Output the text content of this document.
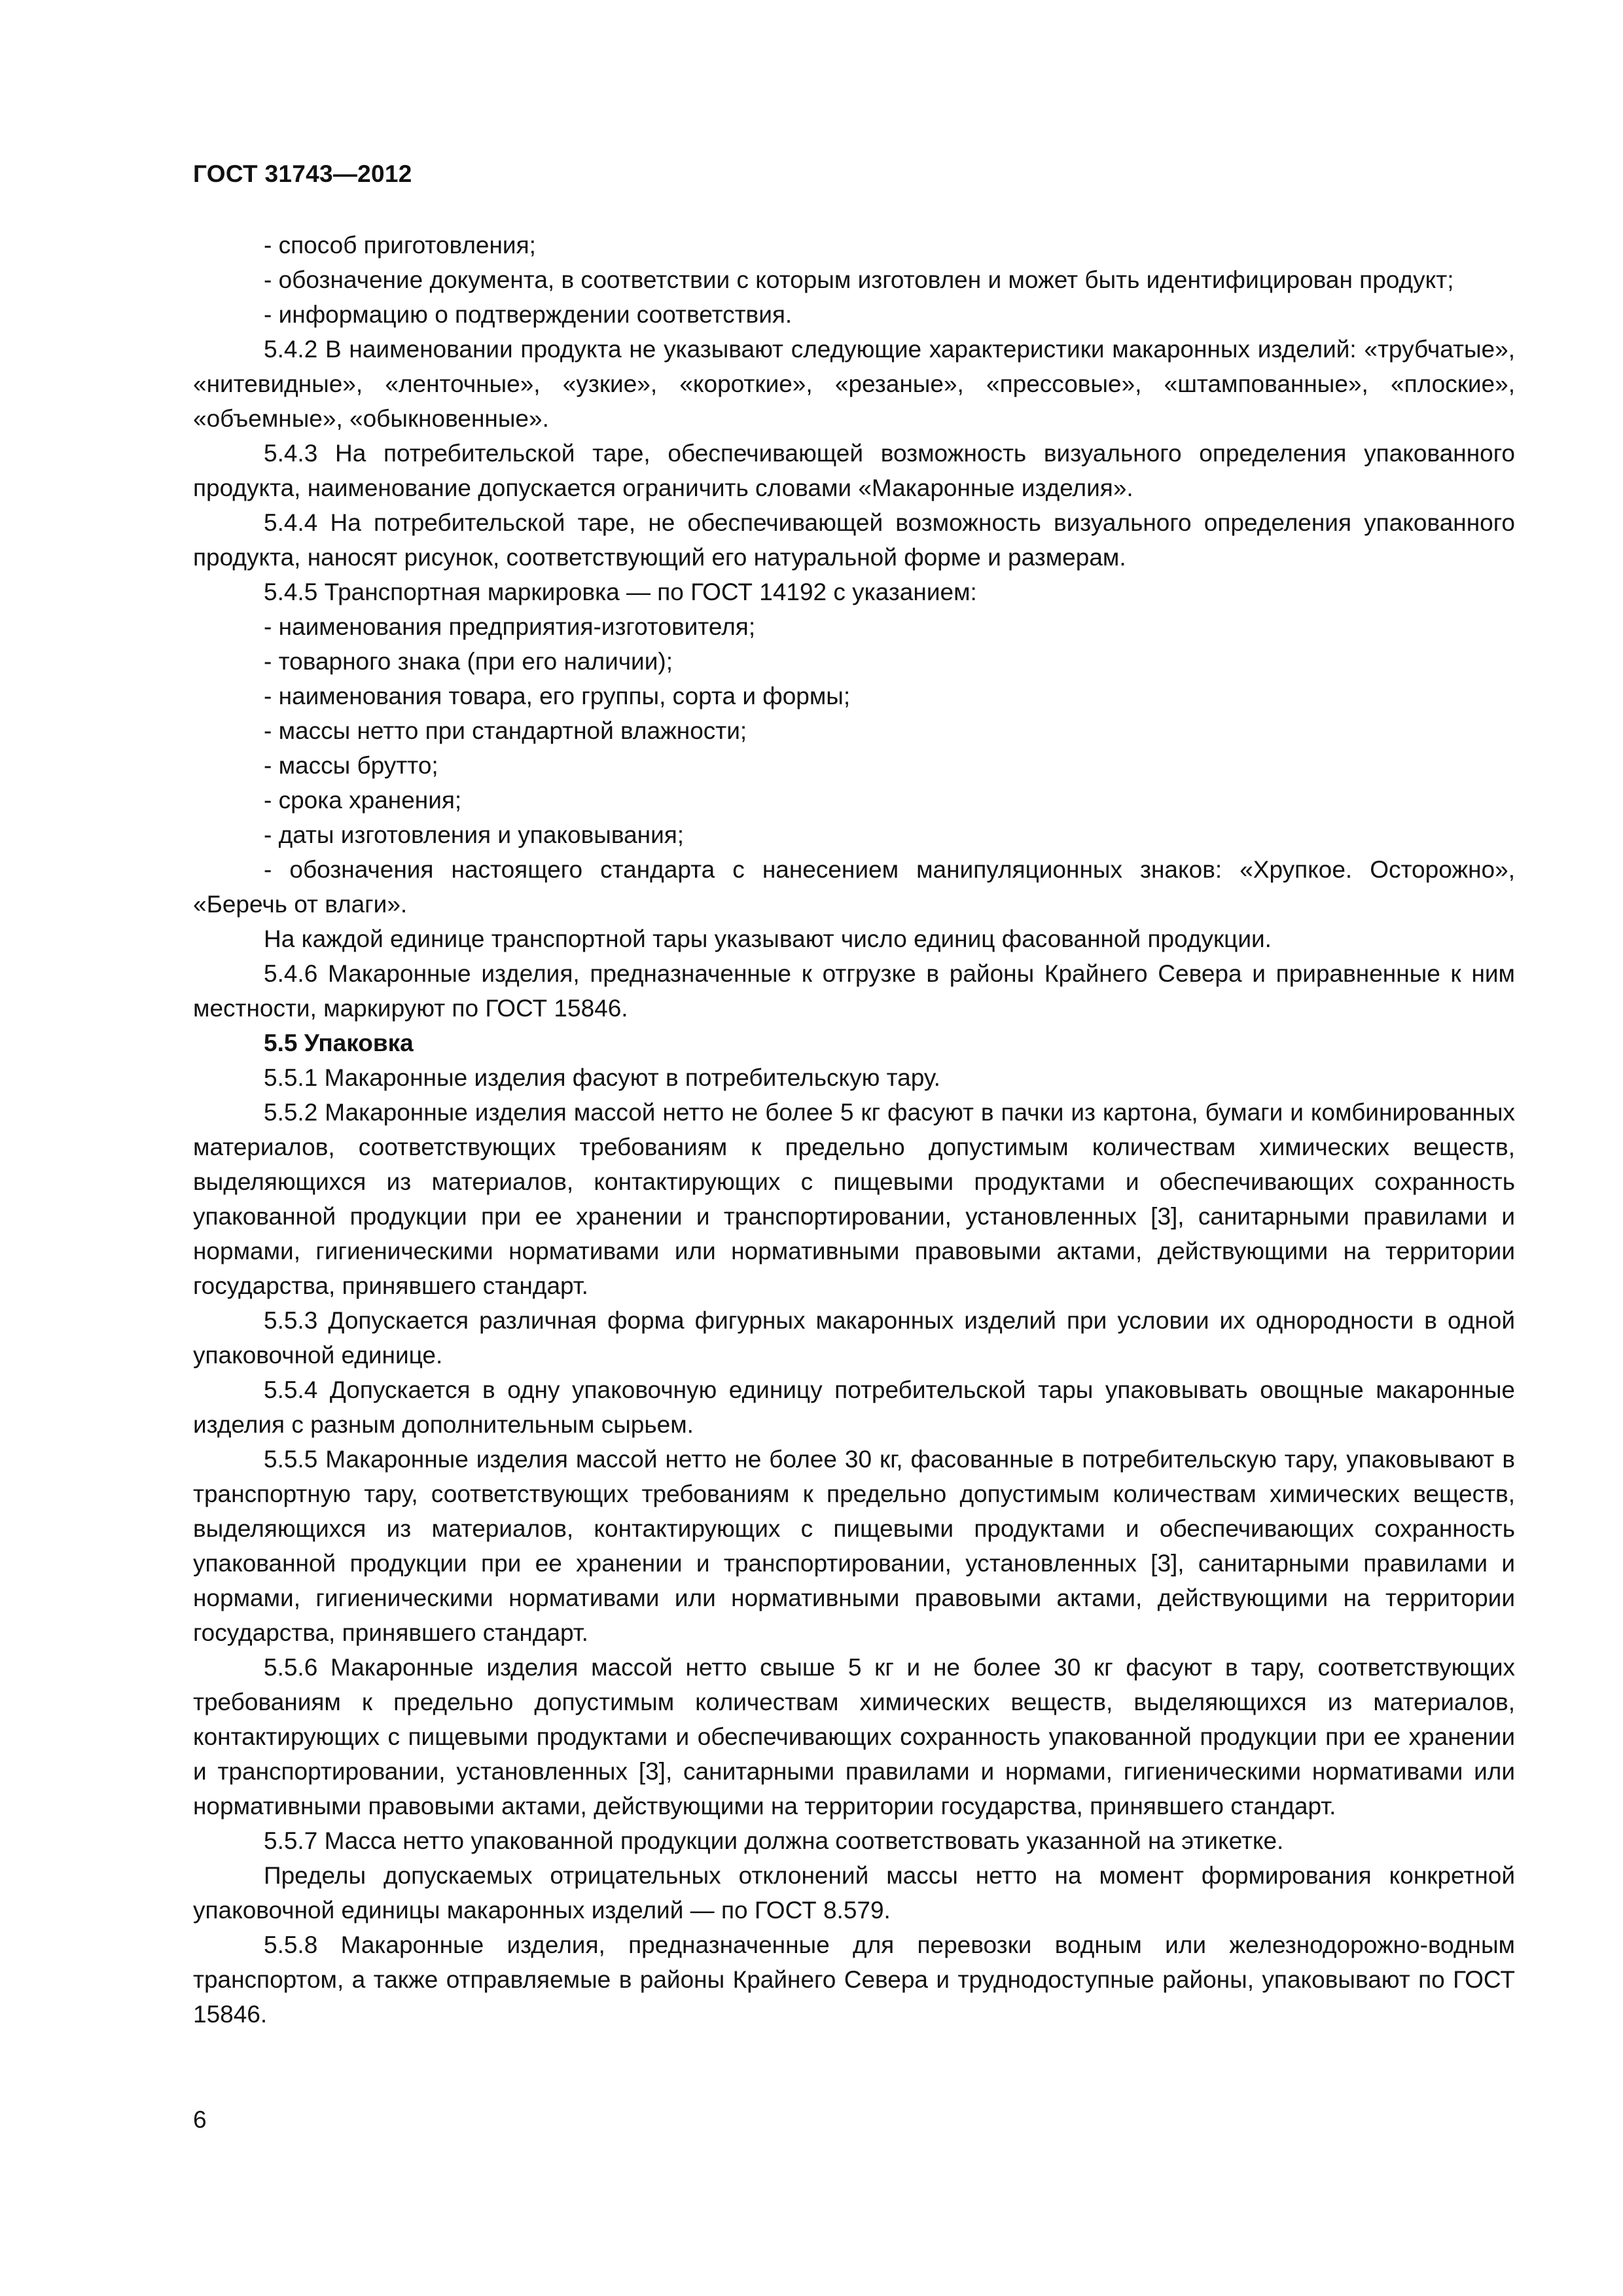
ГОСТ 31743—2012

- способ приготовления;

- обозначение документа, в соответствии с которым изготовлен и может быть идентифицирован продукт;

- информацию о подтверждении соответствия.

5.4.2 В наименовании продукта не указывают следующие характеристики макаронных изделий: «трубчатые», «нитевидные», «ленточные», «узкие», «короткие», «резаные», «прессовые», «штампованные», «плоские», «объемные», «обыкновенные».

5.4.3 На потребительской таре, обеспечивающей возможность визуального определения упакованного продукта, наименование допускается ограничить словами «Макаронные изделия».

5.4.4 На потребительской таре, не обеспечивающей возможность визуального определения упакованного продукта, наносят рисунок, соответствующий его натуральной форме и размерам.

5.4.5 Транспортная маркировка — по ГОСТ 14192 с указанием:

- наименования предприятия-изготовителя;

- товарного знака (при его наличии);

- наименования товара, его группы, сорта и формы;

- массы нетто при стандартной влажности;

- массы брутто;

- срока хранения;

- даты изготовления и упаковывания;

- обозначения настоящего стандарта с нанесением манипуляционных знаков: «Хрупкое. Осторожно», «Беречь от влаги».

На каждой единице транспортной тары указывают число единиц фасованной продукции.

5.4.6 Макаронные изделия, предназначенные к отгрузке в районы Крайнего Севера и приравненные к ним местности, маркируют по ГОСТ 15846.

5.5 Упаковка

5.5.1 Макаронные изделия фасуют в потребительскую тару.

5.5.2 Макаронные изделия массой нетто не более 5 кг фасуют в пачки из картона, бумаги и комбинированных материалов, соответствующих требованиям к предельно допустимым количествам химических веществ, выделяющихся из материалов, контактирующих с пищевыми продуктами и обеспечивающих сохранность упакованной продукции при ее хранении и транспортировании, установленных [3], санитарными правилами и нормами, гигиеническими нормативами или нормативными правовыми актами, действующими на территории государства, принявшего стандарт.

5.5.3 Допускается различная форма фигурных макаронных изделий при условии их однородности в одной упаковочной единице.

5.5.4 Допускается в одну упаковочную единицу потребительской тары упаковывать овощные макаронные изделия с разным дополнительным сырьем.

5.5.5 Макаронные изделия массой нетто не более 30 кг, фасованные в потребительскую тару, упаковывают в транспортную тару, соответствующих требованиям к предельно допустимым количествам химических веществ, выделяющихся из материалов, контактирующих с пищевыми продуктами и обеспечивающих сохранность упакованной продукции при ее хранении и транспортировании, установленных [3], санитарными правилами и нормами, гигиеническими нормативами или нормативными правовыми актами, действующими на территории государства, принявшего стандарт.

5.5.6 Макаронные изделия массой нетто свыше 5 кг и не более 30 кг фасуют в тару, соответствующих требованиям к предельно допустимым количествам химических веществ, выделяющихся из материалов, контактирующих с пищевыми продуктами и обеспечивающих сохранность упакованной продукции при ее хранении и транспортировании, установленных [3], санитарными правилами и нормами, гигиеническими нормативами или нормативными правовыми актами, действующими на территории государства, принявшего стандарт.

5.5.7 Масса нетто упакованной продукции должна соответствовать указанной на этикетке.

Пределы допускаемых отрицательных отклонений массы нетто на момент формирования конкретной упаковочной единицы макаронных изделий — по ГОСТ 8.579.

5.5.8 Макаронные изделия, предназначенные для перевозки водным или железнодорожно-водным транспортом, а также отправляемые в районы Крайнего Севера и труднодоступные районы, упаковывают по ГОСТ 15846.

6
